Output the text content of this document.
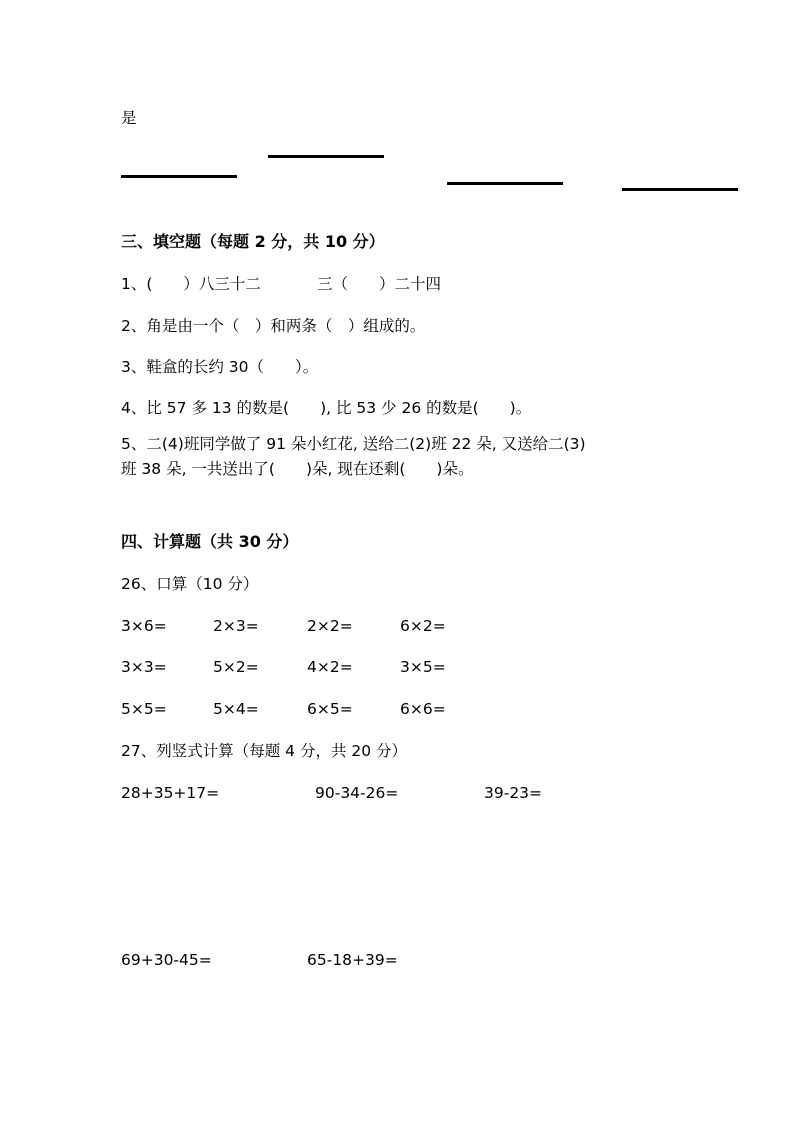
是
三、填空题（每题 2 分，共 10 分）
1、(　　）八三十二	三（　　）二十四
2、角是由一个（　）和两条（　）组成的。
3、鞋盒的长约 30（　　）。
4、比 57 多 13 的数是(　　), 比 53 少 26 的数是(　　)。
5、二(4)班同学做了 91 朵小红花, 送给二(2)班 22 朵, 又送给二(3)
班 38 朵, 一共送出了(　　)朵, 现在还剩(　　)朵。
四、计算题（共 30 分）
26、口算（10 分）
3×6=	2×3=	2×2=	6×2=
3×3=	5×2=	4×2=	3×5=
5×5=	5×4=	6×5=	6×6=
27、列竖式计算（每题 4 分，共 20 分）
28+35+17=	90-34-26=	39-23=
69+30-45=	65-18+39=
